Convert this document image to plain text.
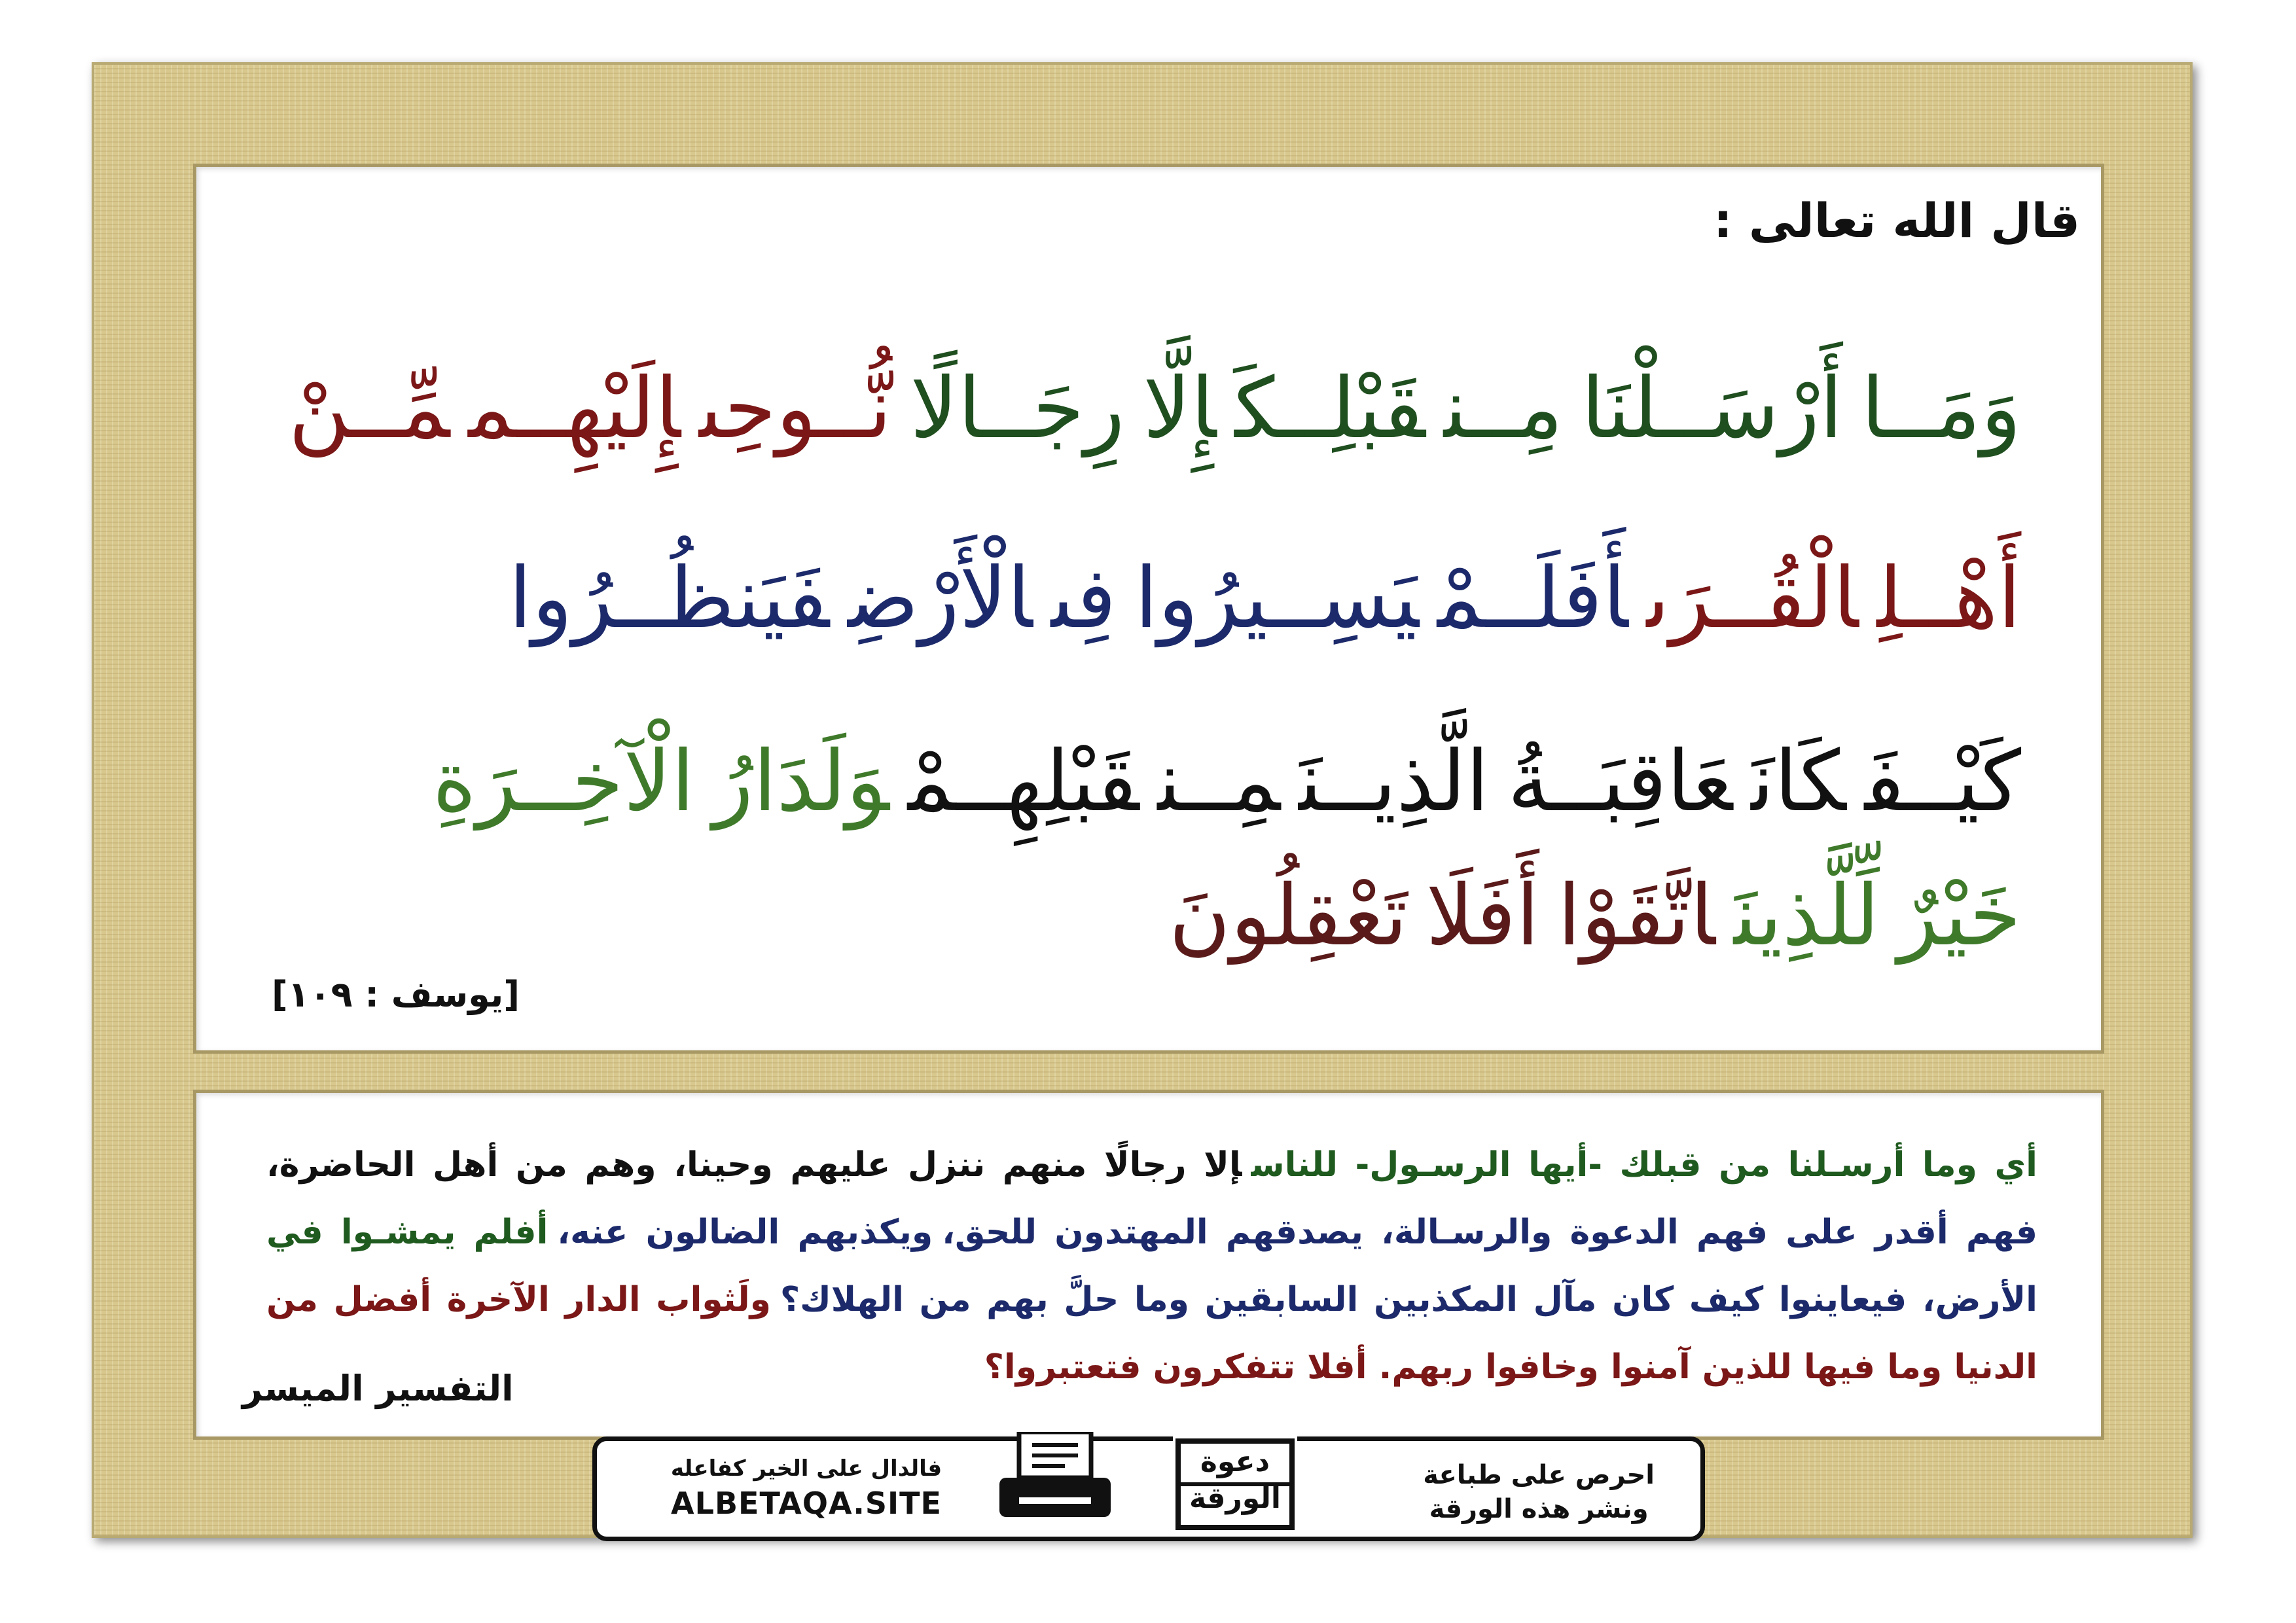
قال الله تعالى :
وَمَــاأَرْسَــلْنَامِــنقَبْلِــكَإِلَّارِجَــالًانُّــوحِىإِلَيْهِــممِّــنْ
أَهْــلِالْقُــرَىأَفَلَــمْيَسِــيرُوافِىالْأَرْضِفَيَنظُــرُوا
كَيْــفَكَانَعَاقِبَــةُالَّذِيــنَمِــنقَبْلِهِــمْوَلَدَارُالْآخِــرَةِ
خَيْرٌلِّلَّذِينَاتَّقَوْاأَفَلَاتَعْقِلُونَ
[يوسف : ١٠٩]
أي وما أرسـلنا من قبلك -أيها الرسـول- للناسإلا رجالًا منهم ننزل عليهم وحينا، وهم من أهل الحاضرة،
فهم أقدر على فهم الدعوة والرسـالة، يصدقهم المهتدون للحق،ويكذبهم الضالون عنه،أفلم يمشـوا في
الأرض، فيعاينوا كيف كان مآل المكذبين السابقين وما حلَّ بهم من الهلاك؟ولَثواب الدار الآخرة أفضل من
الدنيا وما فيها للذين آمنوا وخافوا ربهم. أفلا تتفكرون فتعتبروا؟
التفسير الميسر
فالدال على الخير كفاعله
ALBETAQA.SITE
دعوة
الورقة
احرص على طباعة
ونشر هذه الورقة
